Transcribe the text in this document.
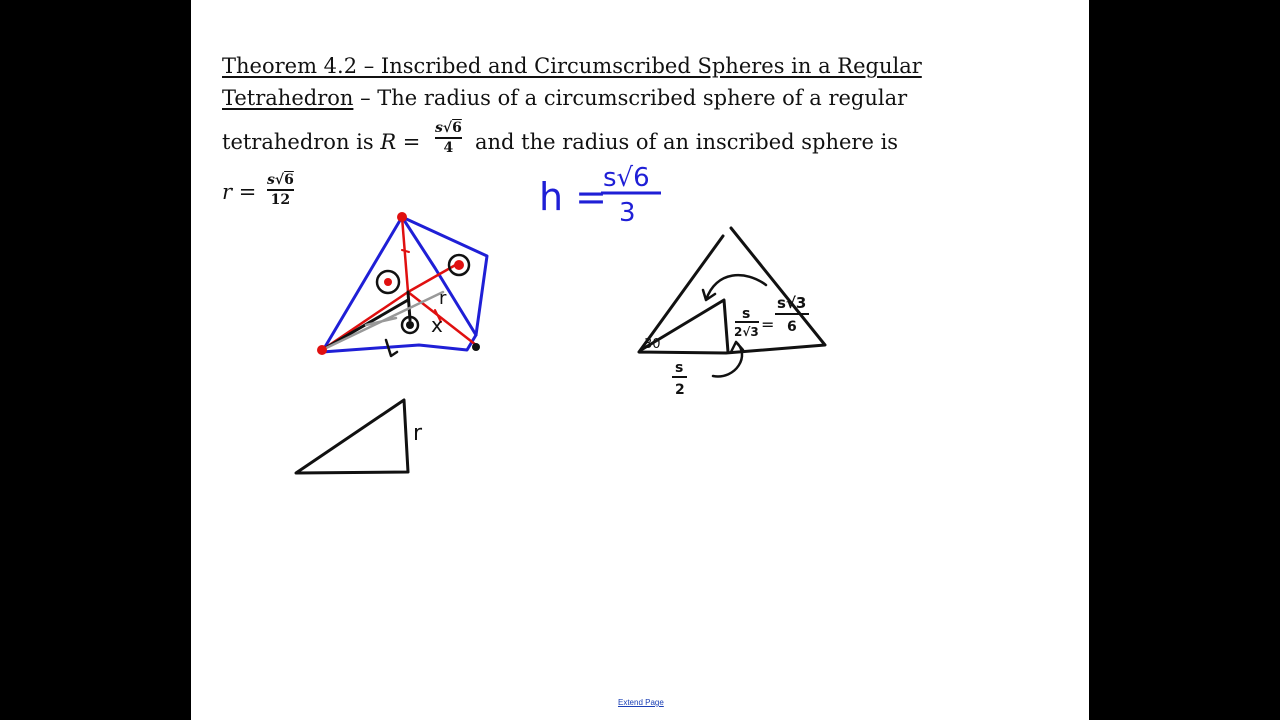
Theorem 4.2 – Inscribed and Circumscribed Spheres in a Regular
Tetrahedron – The radius of a circumscribed sphere of a regular
tetrahedron is R =
s√6
4 and the radius of an inscribed sphere is
r = s√6
12	h =
s√6
3
r
x
r
30
s
2√3 =
s√3
6
s
2
Extend Page
